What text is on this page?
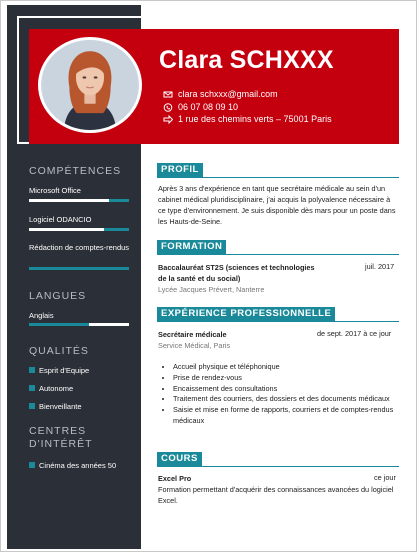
Clara SCHXXX
clara schxxx@gmail.com
06 07 08 09 10
1 rue des chemins verts – 75001 Paris
COMPÉTENCES
Microsoft Office
Logiciel ODANCIO
Rédaction de comptes-rendus
LANGUES
Anglais
QUALITÉS
Esprit d'Equipe
Autonome
Bienveillante
CENTRES D'INTÉRÊT
Cinéma des années 50
PROFIL
Après 3 ans d'expérience en tant que secrétaire médicale au sein d'un cabinet médical pluridisciplinaire, j'ai acquis la polyvalence nécessaire à ce type d'environnement. Je suis disponible dès mars pour un poste dans les Hauts-de-Seine.
FORMATION
Baccalauréat ST2S (sciences et technologies de la santé et du social)
juil. 2017
Lycée Jacques Prévert, Nanterre
EXPÉRIENCE PROFESSIONNELLE
Secrétaire médicale	de sept. 2017 à ce jour
Service Médical, Paris
• Accueil physique et téléphonique
• Prise de rendez-vous
• Encaissement des consultations
• Traitement des courriers, des dossiers et des documents médicaux
• Saisie et mise en forme de rapports, courriers et de comptes-rendus médicaux
COURS
Excel Pro	ce jour
Formation permettant d'acquérir des connaissances avancées du logiciel Excel.
